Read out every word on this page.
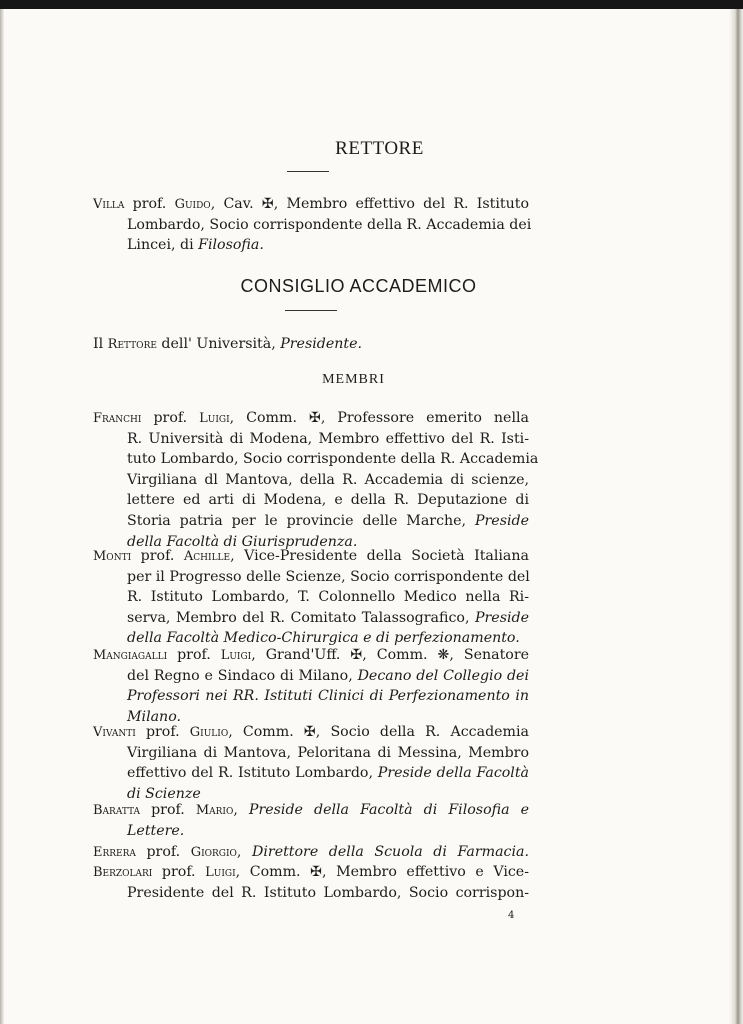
RETTORE
Villa prof. Guido, Cav. ✠, Membro effettivo del R. Istituto
Lombardo, Socio corrispondente della R. Accademia dei
Lincei, di Filosofia.
CONSIGLIO ACCADEMICO
Il Rettore dell' Università, Presidente.
MEMBRI
Franchi prof. Luigi, Comm. ✠, Professore emerito nella
R. Università di Modena, Membro effettivo del R. Isti-
tuto Lombardo, Socio corrispondente della R. Accademia
Virgiliana dl Mantova, della R. Accademia di scienze,
lettere ed arti di Modena, e della R. Deputazione di
Storia patria per le provincie delle Marche, Preside
della Facoltà di Giurisprudenza.
Monti prof. Achille, Vice-Presidente della Società Italiana
per il Progresso delle Scienze, Socio corrispondente del
R. Istituto Lombardo, T. Colonnello Medico nella Ri-
serva, Membro del R. Comitato Talassografico, Preside
della Facoltà Medico-Chirurgica e di perfezionamento.
Mangiagalli prof. Luigi, Grand'Uff. ✠, Comm. ❋, Senatore
del Regno e Sindaco di Milano, Decano del Collegio dei
Professori nei RR. Istituti Clinici di Perfezionamento in
Milano.
Vivanti prof. Giulio, Comm. ✠, Socio della R. Accademia
Virgiliana di Mantova, Peloritana di Messina, Membro
effettivo del R. Istituto Lombardo, Preside della Facoltà
di Scienze
Baratta prof. Mario, Preside della Facoltà di Filosofia e
Lettere.
Errera prof. Giorgio, Direttore della Scuola di Farmacia.
Berzolari prof. Luigi, Comm. ✠, Membro effettivo e Vice-
Presidente del R. Istituto Lombardo, Socio corrispon-
4
